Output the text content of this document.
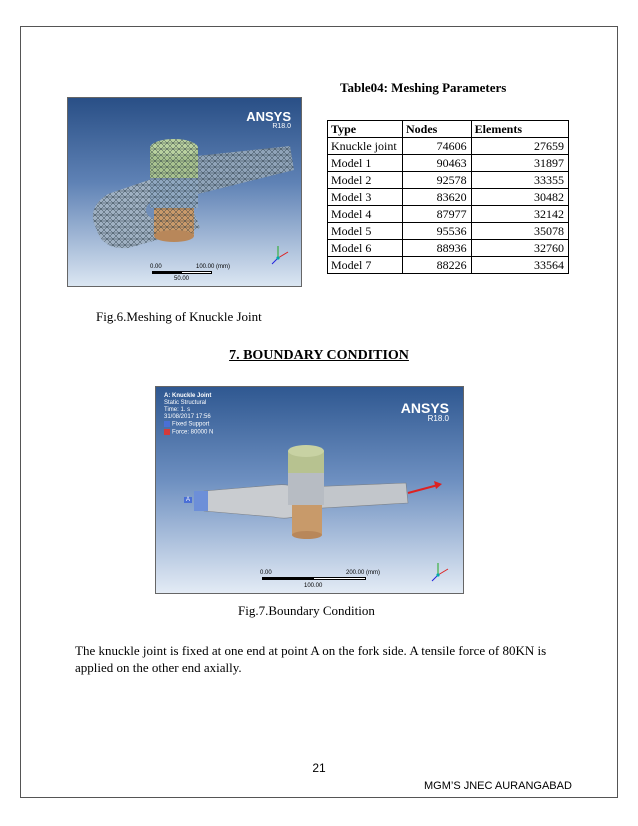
Table04: Meshing Parameters
ANSYS
R18.0
0.00	100.00 (mm)
50.00
Type	Nodes	Elements
Knuckle joint	74606	27659
Model 1	90463	31897
Model 2	92578	33355
Model 3	83620	30482
Model 4	87977	32142
Model 5	95536	35078
Model 6	88936	32760
Model 7	88226	33564
Fig.6.Meshing of Knuckle Joint
7. BOUNDARY CONDITION
A: Knuckle Joint
Static Structural
Time: 1. s
31/08/2017 17:56
Fixed Support
Force: 80000 N
ANSYS
R18.0
A
0.00	200.00 (mm)
100.00
Fig.7.Boundary Condition
The knuckle joint is fixed at one end at point A on the fork side. A tensile force of 80KN is applied on the other end axially.
21
MGM’S JNEC AURANGABAD
